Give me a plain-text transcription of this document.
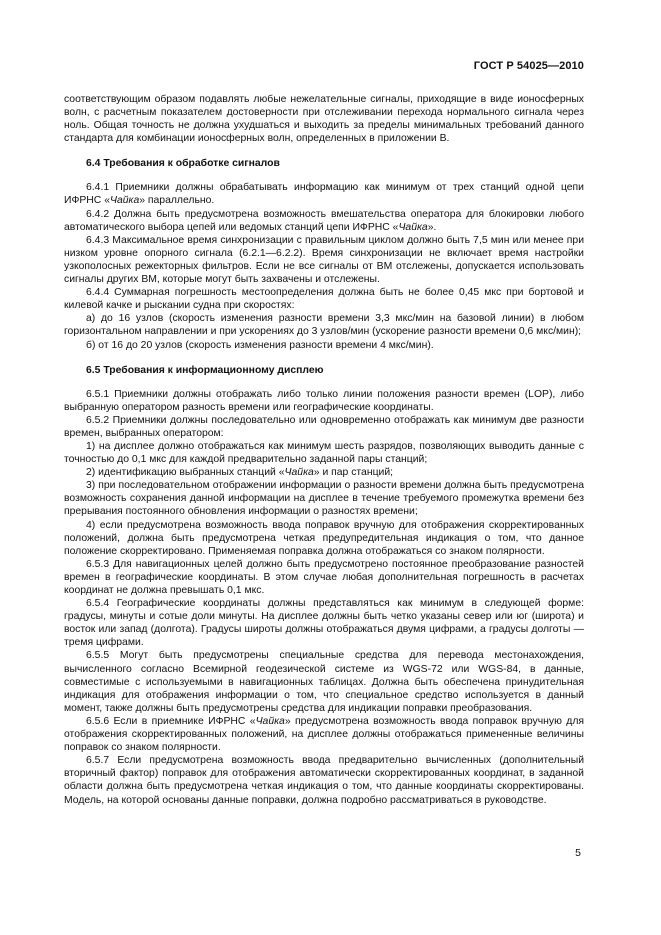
ГОСТ Р 54025—2010

соответствующим образом подавлять любые нежелательные сигналы, приходящие в виде ионосферных волн, с расчетным показателем достоверности при отслеживании перехода нормального сигнала через ноль. Общая точность не должна ухудшаться и выходить за пределы минимальных требований данного стандарта для комбинации ионосферных волн, определенных в приложении В.

6.4 Требования к обработке сигналов

6.4.1 Приемники должны обрабатывать информацию как минимум от трех станций одной цепи ИФРНС «Чайка» параллельно.

6.4.2 Должна быть предусмотрена возможность вмешательства оператора для блокировки любого автоматического выбора цепей или ведомых станций цепи ИФРНС «Чайка».

6.4.3 Максимальное время синхронизации с правильным циклом должно быть 7,5 мин или менее при низком уровне опорного сигнала (6.2.1—6.2.2). Время синхронизации не включает время настройки узкополосных режекторных фильтров. Если не все сигналы от ВМ отслежены, допускается использовать сигналы других ВМ, которые могут быть захвачены и отслежены.

6.4.4 Суммарная погрешность местоопределения должна быть не более 0,45 мкс при бортовой и килевой качке и рыскании судна при скоростях:

а) до 16 узлов (скорость изменения разности времени 3,3 мкс/мин на базовой линии) в любом горизонтальном направлении и при ускорениях до 3 узлов/мин (ускорение разности времени 0,6 мкс/мин);

б) от 16 до 20 узлов (скорость изменения разности времени 4 мкс/мин).

6.5 Требования к информационному дисплею

6.5.1 Приемники должны отображать либо только линии положения разности времен (LOP), либо выбранную оператором разность времени или географические координаты.

6.5.2 Приемники должны последовательно или одновременно отображать как минимум две разности времен, выбранных оператором:

1) на дисплее должно отображаться как минимум шесть разрядов, позволяющих выводить данные с точностью до 0,1 мкс для каждой предварительно заданной пары станций;

2) идентификацию выбранных станций «Чайка» и пар станций;

3) при последовательном отображении информации о разности времени должна быть предусмотрена возможность сохранения данной информации на дисплее в течение требуемого промежутка времени без прерывания постоянного обновления информации о разностях времени;

4) если предусмотрена возможность ввода поправок вручную для отображения скорректированных положений, должна быть предусмотрена четкая предупредительная индикация о том, что данное положение скорректировано. Применяемая поправка должна отображаться со знаком полярности.

6.5.3 Для навигационных целей должно быть предусмотрено постоянное преобразование разностей времен в географические координаты. В этом случае любая дополнительная погрешность в расчетах координат не должна превышать 0,1 мкс.

6.5.4 Географические координаты должны представляться как минимум в следующей форме: градусы, минуты и сотые доли минуты. На дисплее должны быть четко указаны север или юг (широта) и восток или запад (долгота). Градусы широты должны отображаться двумя цифрами, а градусы долготы — тремя цифрами.

6.5.5 Могут быть предусмотрены специальные средства для перевода местонахождения, вычисленного согласно Всемирной геодезической системе из WGS-72 или WGS-84, в данные, совместимые с используемыми в навигационных таблицах. Должна быть обеспечена принудительная индикация для отображения информации о том, что специальное средство используется в данный момент, также должны быть предусмотрены средства для индикации поправки преобразования.

6.5.6 Если в приемнике ИФРНС «Чайка» предусмотрена возможность ввода поправок вручную для отображения скорректированных положений, на дисплее должны отображаться примененные величины поправок со знаком полярности.

6.5.7 Если предусмотрена возможность ввода предварительно вычисленных (дополнительный вторичный фактор) поправок для отображения автоматически скорректированных координат, в заданной области должна быть предусмотрена четкая индикация о том, что данные координаты скорректированы. Модель, на которой основаны данные поправки, должна подробно рассматриваться в руководстве.

5
